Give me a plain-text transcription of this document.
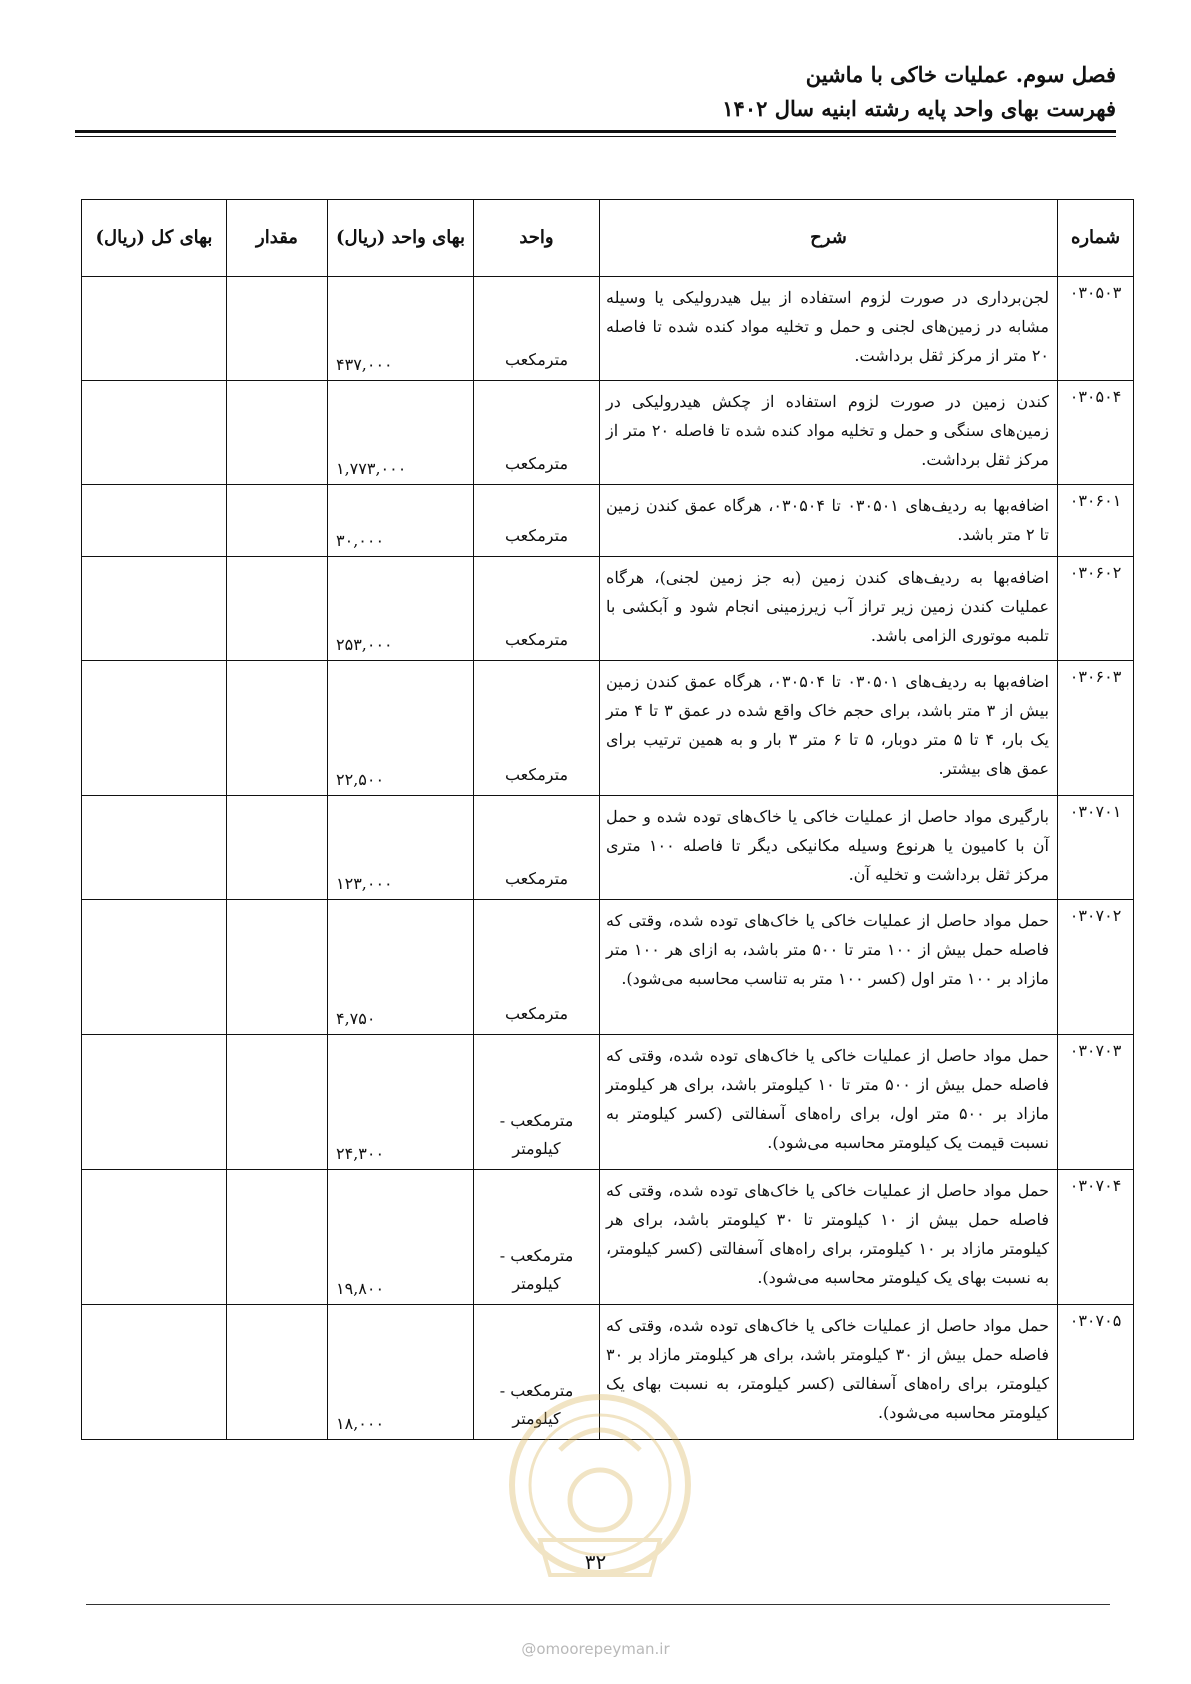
فصل سوم. عملیات خاکی با ماشین
فهرست بهای واحد پایه رشته ابنیه سال ۱۴۰۲
شماره	شرح	واحد	بهای واحد (ریال)	مقدار	بهای کل (ریال)
۰۳۰۵۰۳	لجن‌برداری در صورت لزوم استفاده از بیل هیدرولیکی یا وسیله مشابه در زمین‌های لجنی و حمل و تخلیه مواد کنده شده تا فاصله ۲۰ متر از مرکز ثقل برداشت.	مترمکعب	۴۳۷,۰۰۰		
۰۳۰۵۰۴	کندن زمین در صورت لزوم استفاده از چکش هیدرولیکی در زمین‌های سنگی و حمل و تخلیه مواد کنده شده تا فاصله ۲۰ متر از مرکز ثقل برداشت.	مترمکعب	۱,۷۷۳,۰۰۰		
۰۳۰۶۰۱	اضافه‌بها به ردیف‌های ۰۳۰۵۰۱ تا ۰۳۰۵۰۴، هرگاه عمق کندن زمین تا ۲ متر باشد.	مترمکعب	۳۰,۰۰۰		
۰۳۰۶۰۲	اضافه‌بها به ردیف‌های کندن زمین (به جز زمین لجنی)، هرگاه عملیات کندن زمین زیر تراز آب زیرزمینی انجام شود و آبکشی با تلمبه موتوری الزامی باشد.	مترمکعب	۲۵۳,۰۰۰		
۰۳۰۶۰۳	اضافه‌بها به ردیف‌های ۰۳۰۵۰۱ تا ۰۳۰۵۰۴، هرگاه عمق کندن زمین بیش از ۳ متر باشد، برای حجم خاک واقع شده در عمق ۳ تا ۴ متر یک بار، ۴ تا ۵ متر دوبار، ۵ تا ۶ متر ۳ بار و به همین ترتیب برای عمق های بیشتر.	مترمکعب	۲۲,۵۰۰		
۰۳۰۷۰۱	بارگیری مواد حاصل از عملیات خاکی یا خاک‌های توده شده و حمل آن با کامیون یا هرنوع وسیله مکانیکی دیگر تا فاصله ۱۰۰ متری مرکز ثقل برداشت و تخلیه آن.	مترمکعب	۱۲۳,۰۰۰		
۰۳۰۷۰۲	حمل مواد حاصل از عملیات خاکی یا خاک‌های توده شده، وقتی که فاصله حمل بیش از ۱۰۰ متر تا ۵۰۰ متر باشد، به ازای هر ۱۰۰ متر مازاد بر ۱۰۰ متر اول (کسر ۱۰۰ متر به تناسب محاسبه می‌شود).	مترمکعب	۴,۷۵۰		
۰۳۰۷۰۳	حمل مواد حاصل از عملیات خاکی یا خاک‌های توده شده، وقتی که فاصله حمل بیش از ۵۰۰ متر تا ۱۰ کیلومتر باشد، برای هر کیلومتر مازاد بر ۵۰۰ متر اول، برای راه‌های آسفالتی (کسر کیلومتر به نسبت قیمت یک کیلومتر محاسبه می‌شود).	مترمکعب - کیلومتر	۲۴,۳۰۰		
۰۳۰۷۰۴	حمل مواد حاصل از عملیات خاکی یا خاک‌های توده شده، وقتی که فاصله حمل بیش از ۱۰ کیلومتر تا ۳۰ کیلومتر باشد، برای هر کیلومتر مازاد بر ۱۰ کیلومتر، برای راه‌های آسفالتی (کسر کیلومتر، به نسبت بهای یک کیلومتر محاسبه می‌شود).	مترمکعب - کیلومتر	۱۹,۸۰۰		
۰۳۰۷۰۵	حمل مواد حاصل از عملیات خاکی یا خاک‌های توده شده، وقتی که فاصله حمل بیش از ۳۰ کیلومتر باشد، برای هر کیلومتر مازاد بر ۳۰ کیلومتر، برای راه‌های آسفالتی (کسر کیلومتر، به نسبت بهای یک کیلومتر محاسبه می‌شود).	مترمکعب - کیلومتر	۱۸,۰۰۰		
۳۲
@omoorepeyman.ir
